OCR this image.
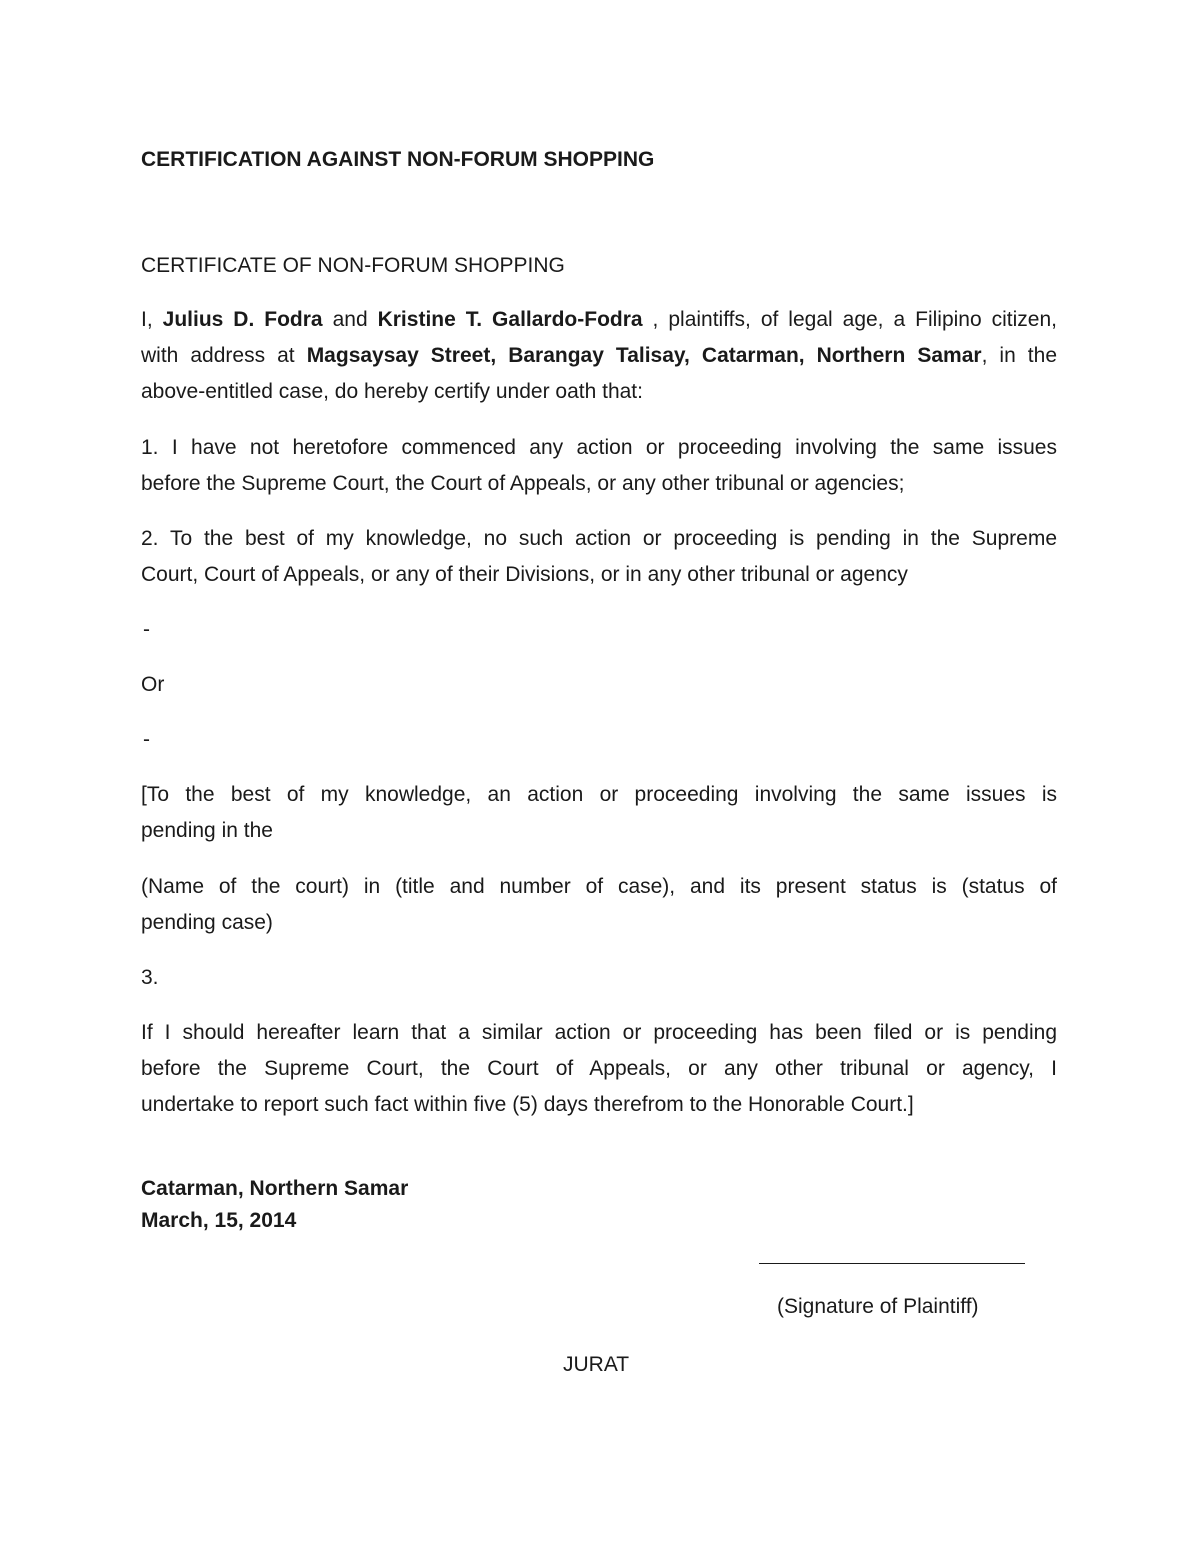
CERTIFICATION AGAINST NON-FORUM SHOPPING

CERTIFICATE OF NON-FORUM SHOPPING

I, Julius D. Fodra and Kristine T. Gallardo-Fodra , plaintiffs, of legal age, a Filipino citizen,

with address at Magsaysay Street, Barangay Talisay, Catarman, Northern Samar, in the

above-entitled case, do hereby certify under oath that:

1. I have not heretofore commenced any action or proceeding involving the same issues

before the Supreme Court, the Court of Appeals, or any other tribunal or agencies;

2. To the best of my knowledge, no such action or proceeding is pending in the Supreme

Court, Court of Appeals, or any of their Divisions, or in any other tribunal or agency

-

Or

-

[To the best of my knowledge, an action or proceeding involving the same issues is

pending in the

(Name of the court) in (title and number of case), and its present status is (status of

pending case)

3.

If I should hereafter learn that a similar action or proceeding has been filed or is pending

before the Supreme Court, the Court of Appeals, or any other tribunal or agency, I

undertake to report such fact within five (5) days therefrom to the Honorable Court.]

Catarman, Northern Samar

March, 15, 2014

(Signature of Plaintiff)

JURAT
